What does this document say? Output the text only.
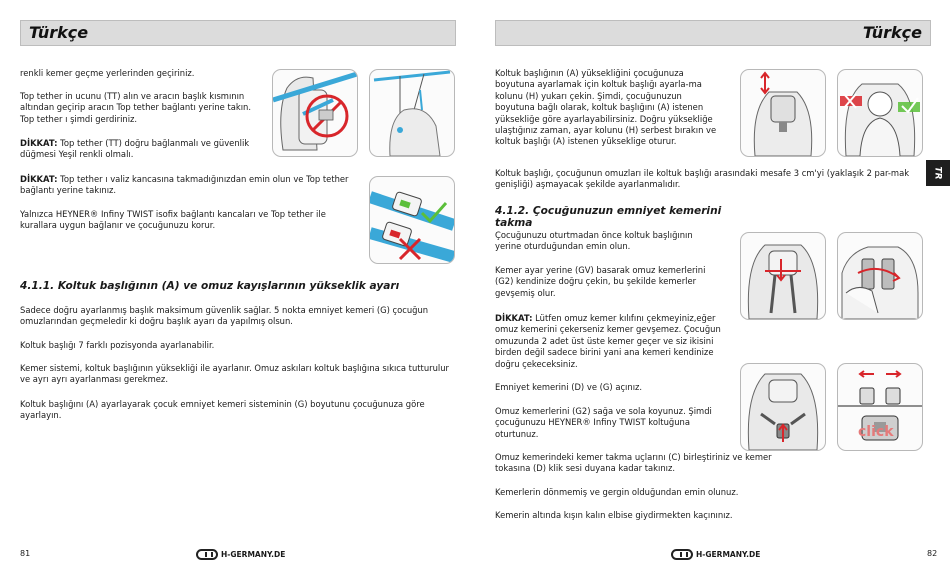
Türkçe

renkli kemer geçme yerlerinden geçiriniz.

Top tether in ucunu (TT) alın ve aracın başlık kısmının altından geçirip aracın Top tether bağlantı yerine takın. Top tether ı şimdi gerdiriniz.

DİKKAT: Top tether (TT) doğru bağlanmalı ve güvenlik düğmesi Yeşil renkli olmalı.

DİKKAT: Top tether ı valiz kancasına takmadığınızdan emin olun ve Top tether bağlantı yerine takınız.

Yalnızca HEYNER® Infiny TWIST isofix bağlantı kancaları ve Top tether ile kurallara uygun bağlanır ve çocuğunuzu korur.

4.1.1. Koltuk başlığının (A) ve omuz kayışlarının yükseklik ayarı

Sadece doğru ayarlanmış başlık maksimum güvenlik sağlar. 5 nokta emniyet kemeri (G) çocuğun omuzlarından geçmeledir ki doğru başlık ayarı da yapılmış olsun.

Koltuk başlığı 7 farklı pozisyonda ayarlanabilir.

Kemer sistemi, koltuk başlığının yüksekliği ile ayarlanır. Omuz askıları koltuk başlığına sıkıca tutturulur ve ayrı ayrı ayarlanması gerekmez.

Koltuk başlığını (A) ayarlayarak çocuk emniyet kemeri sisteminin (G) boyutunu çocuğunuza göre ayarlayın.

81	H-GERMANY.DE
Türkçe

Koltuk başlığının (A) yüksekliğini çocuğunuza boyutuna ayarlamak için koltuk başlığı ayarla-ma kolunu (H) yukarı çekin. Şimdi, çocuğunuzun boyutuna bağlı olarak, koltuk başlığını (A) istenen yüksekliğe göre ayarlayabilirsiniz. Doğru yüksekliğe ulaştığınız zaman, ayar kolunu (H) serbest bırakın ve koltuk başlığı (A) istenen yükseklige oturur.

Koltuk başlığı, çocuğunun omuzları ile koltuk başlığı arasındaki mesafe 3 cm'yi (yaklaşık 2 par-mak genişliği) aşmayacak şekilde ayarlanmalıdır.

4.1.2. Çocuğunuzun emniyet kemerini takma

Çocuğunuzu oturtmadan önce koltuk başlığının yerine oturduğundan emin olun.

Kemer ayar yerine (GV) basarak omuz kemerlerini (G2) kendinize doğru çekin, bu şekilde kemerler gevşemiş olur.

DİKKAT: Lütfen omuz kemer kılıfını çekmeyiniz,eğer omuz kemerini çekerseniz kemer gevşemez. Çocuğun omuzunda 2 adet üst üste kemer geçer ve siz ikisini birden değil sadece birini yani ana kemeri kendinize doğru çekeceksiniz.

Emniyet kemerini (D) ve (G) açınız.

Omuz kemerlerini (G2) sağa ve sola koyunuz. Şimdi çocuğunuzu HEYNER® Infiny TWIST koltuğuna oturtunuz.

Omuz kemerindeki kemer takma uçlarını (C) birleştiriniz ve kemer tokasına (D) klik sesi duyana kadar takınız.

Kemerlerin dönmemiş ve gergin olduğundan emin olunuz.

Kemerin altında kışın kalın elbise giydirmekten kaçınınız.

click
82
H-GERMANY.DE
TR
